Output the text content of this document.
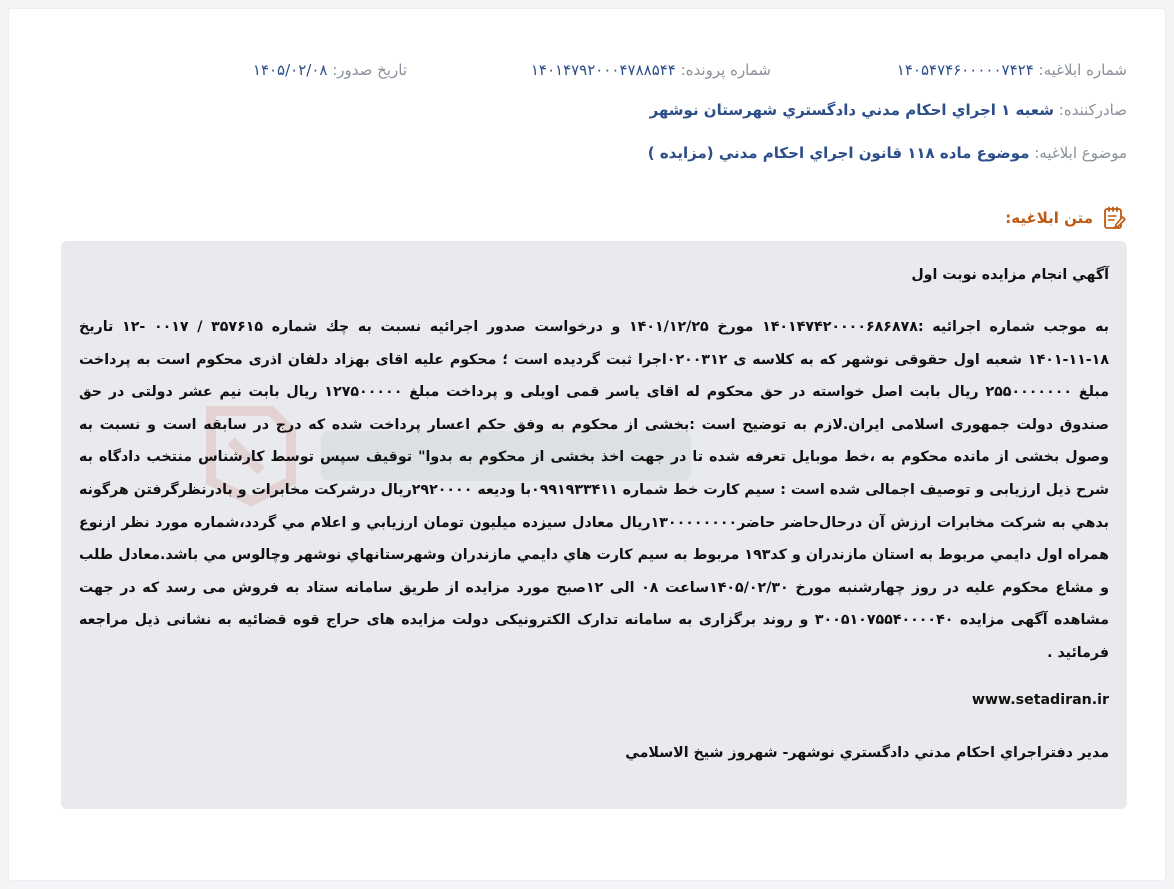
شماره ابلاغيه: ۱۴۰۵۴۷۴۶۰۰۰۰۰۷۴۲۴
شماره پرونده: ۱۴۰۱۴۷۹۲۰۰۰۴۷۸۸۵۴۴
تاريخ صدور: ۱۴۰۵/۰۲/۰۸
صادرکننده: شعبه ۱ اجراي احکام مدني دادگستري شهرستان نوشهر
موضوع ابلاغيه: موضوع ماده ۱۱۸ قانون اجراي احکام مدني (مزايده )
متن ابلاغيه:
آگهي انجام مزايده نوبت اول
به موجب شماره اجرائیه :۱۴۰۱۴۷۴۲۰۰۰۰۶۸۶۸۷۸ مورخ ۱۴۰۱/۱۲/۲۵ و درخواست صدور اجرائیه نسبت به چك شماره ۳۵۷۶۱۵ / ۰۰۱۷ -۱۲ تاریخ ۱۸-۱۱-۱۴۰۱ شعبه اول حقوقی نوشهر که به کلاسه ی ۰۲۰۰۳۱۲اجرا ثبت گردیده است ؛ محکوم علیه اقای بهزاد دلفان اذری محکوم است به پرداخت مبلغ ۲۵۵۰۰۰۰۰۰۰ ریال بابت اصل خواسته در حق محکوم له اقای یاسر قمی اویلی و پرداخت مبلغ ۱۲۷۵۰۰۰۰۰ ریال بابت نیم عشر دولتی در حق صندوق دولت جمهوری اسلامی ایران.لازم به توضیح است :بخشی از محکوم به وفق حکم اعسار پرداخت شده که درج در سابقه است و نسبت به وصول بخشی از مانده محکوم به ،خط موبایل تعرفه شده تا در جهت اخذ بخشی از محکوم به بدوا" توقیف سپس توسط کارشناس منتخب دادگاه به شرح ذیل ارزیابی و توصیف اجمالی شده است : سیم کارت خط شماره ۰۹۹۱۹۳۳۴۱۱با ودیعه ۲۹۲۰۰۰۰ریال درشرکت مخابرات و بادرنظرگرفتن هرگونه بدهي به شرکت مخابرات ارزش آن درحال‌حاضر حاضر۱۳۰۰۰۰۰۰۰۰ریال معادل سیزده میلیون تومان ارزيابي و اعلام مي گردد،شماره مورد نظر ازنوع همراه اول دايمي مربوط به استان مازندران و کد۱۹۳ مربوط به سيم کارت هاي دايمي مازندران وشهرستانهاي نوشهر وچالوس مي باشد.معادل طلب و مشاع محکوم علیه در روز چهارشنبه مورخ ۱۴۰۵/۰۲/۳۰ساعت ۰۸ الی ۱۲صبح مورد مزایده از طریق سامانه ستاد به فروش می رسد که در جهت مشاهده آگهی مزایده ۳۰۰۵۱۰۷۵۵۴۰۰۰۰۴۰ و روند برگزاری به سامانه تدارک الکترونیکی دولت مزایده های حراج قوه قضائیه به نشانی ذیل مراجعه فرمائید .
www.setadiran.ir
مدير دفتراجراي احکام مدني دادگستري نوشهر- شهروز شيخ الاسلامي
